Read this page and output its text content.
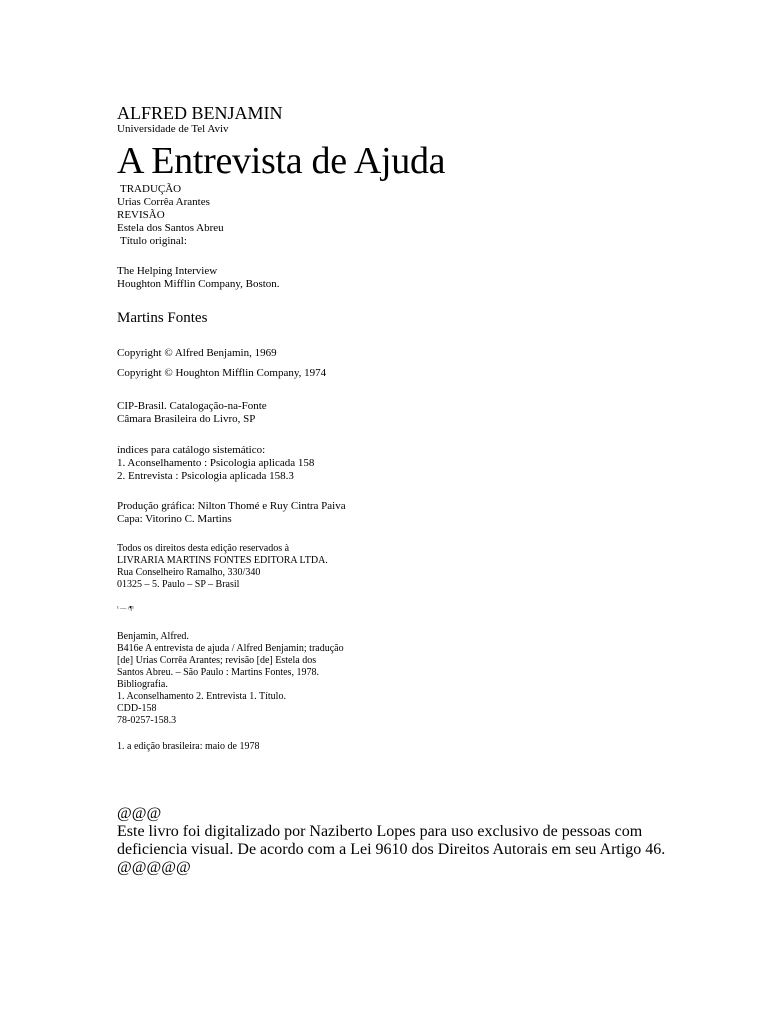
ALFRED BENJAMIN
Universidade de Tel Aviv
A Entrevista de Ajuda
TRADUÇÃO
Urias Corrêa Arantes
REVISÃO
Estela dos Santos Abreu
Título original:
The Helping Interview
Houghton Mifflin Company, Boston.
Martins Fontes
Copyright © Alfred Benjamin, 1969
Copyright © Houghton Mifflin Company, 1974
CIP-Brasil. Catalogação-na-Fonte
Câmara Brasileira do Livro, SP
índices para catálogo sistemático:
1. Aconselhamento : Psicologia aplicada 158
2. Entrevista : Psicologia aplicada 158.3
Produção gráfica: Nilton Thomé e Ruy Cintra Paiva
Capa: Vitorino C. Martins
Todos os direitos desta edição reservados à
LIVRARIA MARTINS FONTES EDITORA LTDA.
Rua Conselheiro Ramalho, 330/340
01325 – 5. Paulo – SP – Brasil
¹ — /¶¹
Benjamin, Alfred.
B416e A entrevista de ajuda / Alfred Benjamin; tradução
[de] Urias Corrêa Arantes; revisão [de] Estela dos
Santos Abreu. – São Paulo : Martins Fontes, 1978.
Bibliografia.
1. Aconselhamento 2. Entrevista 1. Título.
CDD-158
78-0257-158.3
1. a edição brasileira: maio de 1978
@@@
Este livro foi digitalizado por Naziberto Lopes para uso exclusivo de pessoas com
deficiencia visual. De acordo com a Lei 9610 dos Direitos Autorais em seu Artigo 46.
@@@@@
